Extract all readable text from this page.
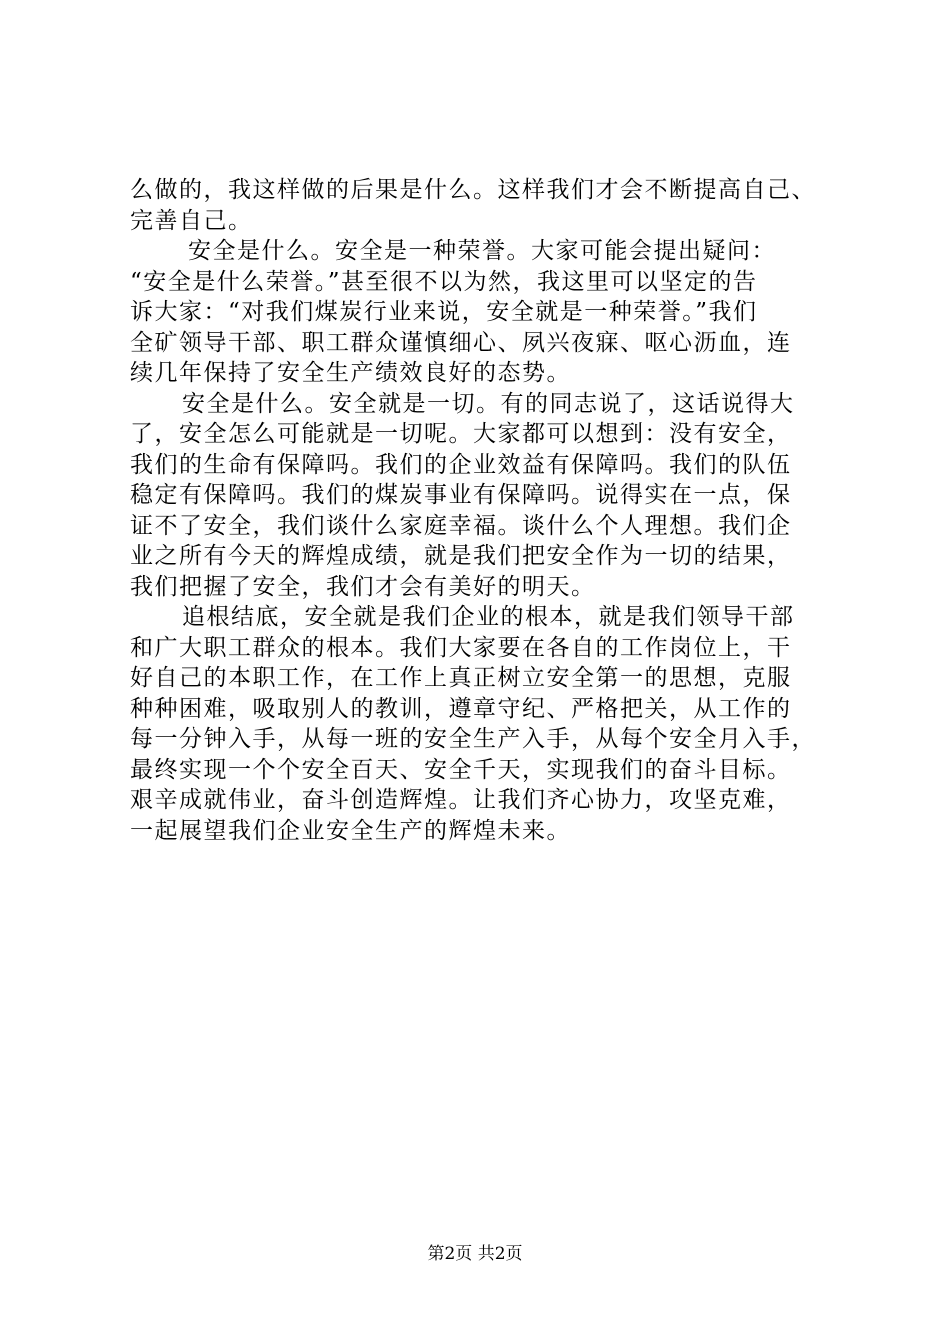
么做的，我这样做的后果是什么。这样我们才会不断提高自己、
完善自己。
安全是什么。安全是一种荣誉。大家可能会提出疑问：
“安全是什么荣誉。”甚至很不以为然，我这里可以坚定的告
诉大家：“对我们煤炭行业来说，安全就是一种荣誉。”我们
全矿领导干部、职工群众谨慎细心、夙兴夜寐、呕心沥血，连
续几年保持了安全生产绩效良好的态势。
安全是什么。安全就是一切。有的同志说了，这话说得大
了，安全怎么可能就是一切呢。大家都可以想到：没有安全，
我们的生命有保障吗。我们的企业效益有保障吗。我们的队伍
稳定有保障吗。我们的煤炭事业有保障吗。说得实在一点，保
证不了安全，我们谈什么家庭幸福。谈什么个人理想。我们企
业之所有今天的辉煌成绩，就是我们把安全作为一切的结果，
我们把握了安全，我们才会有美好的明天。
追根结底，安全就是我们企业的根本，就是我们领导干部
和广大职工群众的根本。我们大家要在各自的工作岗位上，干
好自己的本职工作，在工作上真正树立安全第一的思想，克服
种种困难，吸取别人的教训，遵章守纪、严格把关，从工作的
每一分钟入手，从每一班的安全生产入手，从每个安全月入手，
最终实现一个个安全百天、安全千天，实现我们的奋斗目标。
艰辛成就伟业，奋斗创造辉煌。让我们齐心协力，攻坚克难，
一起展望我们企业安全生产的辉煌未来。
第2页 共2页
